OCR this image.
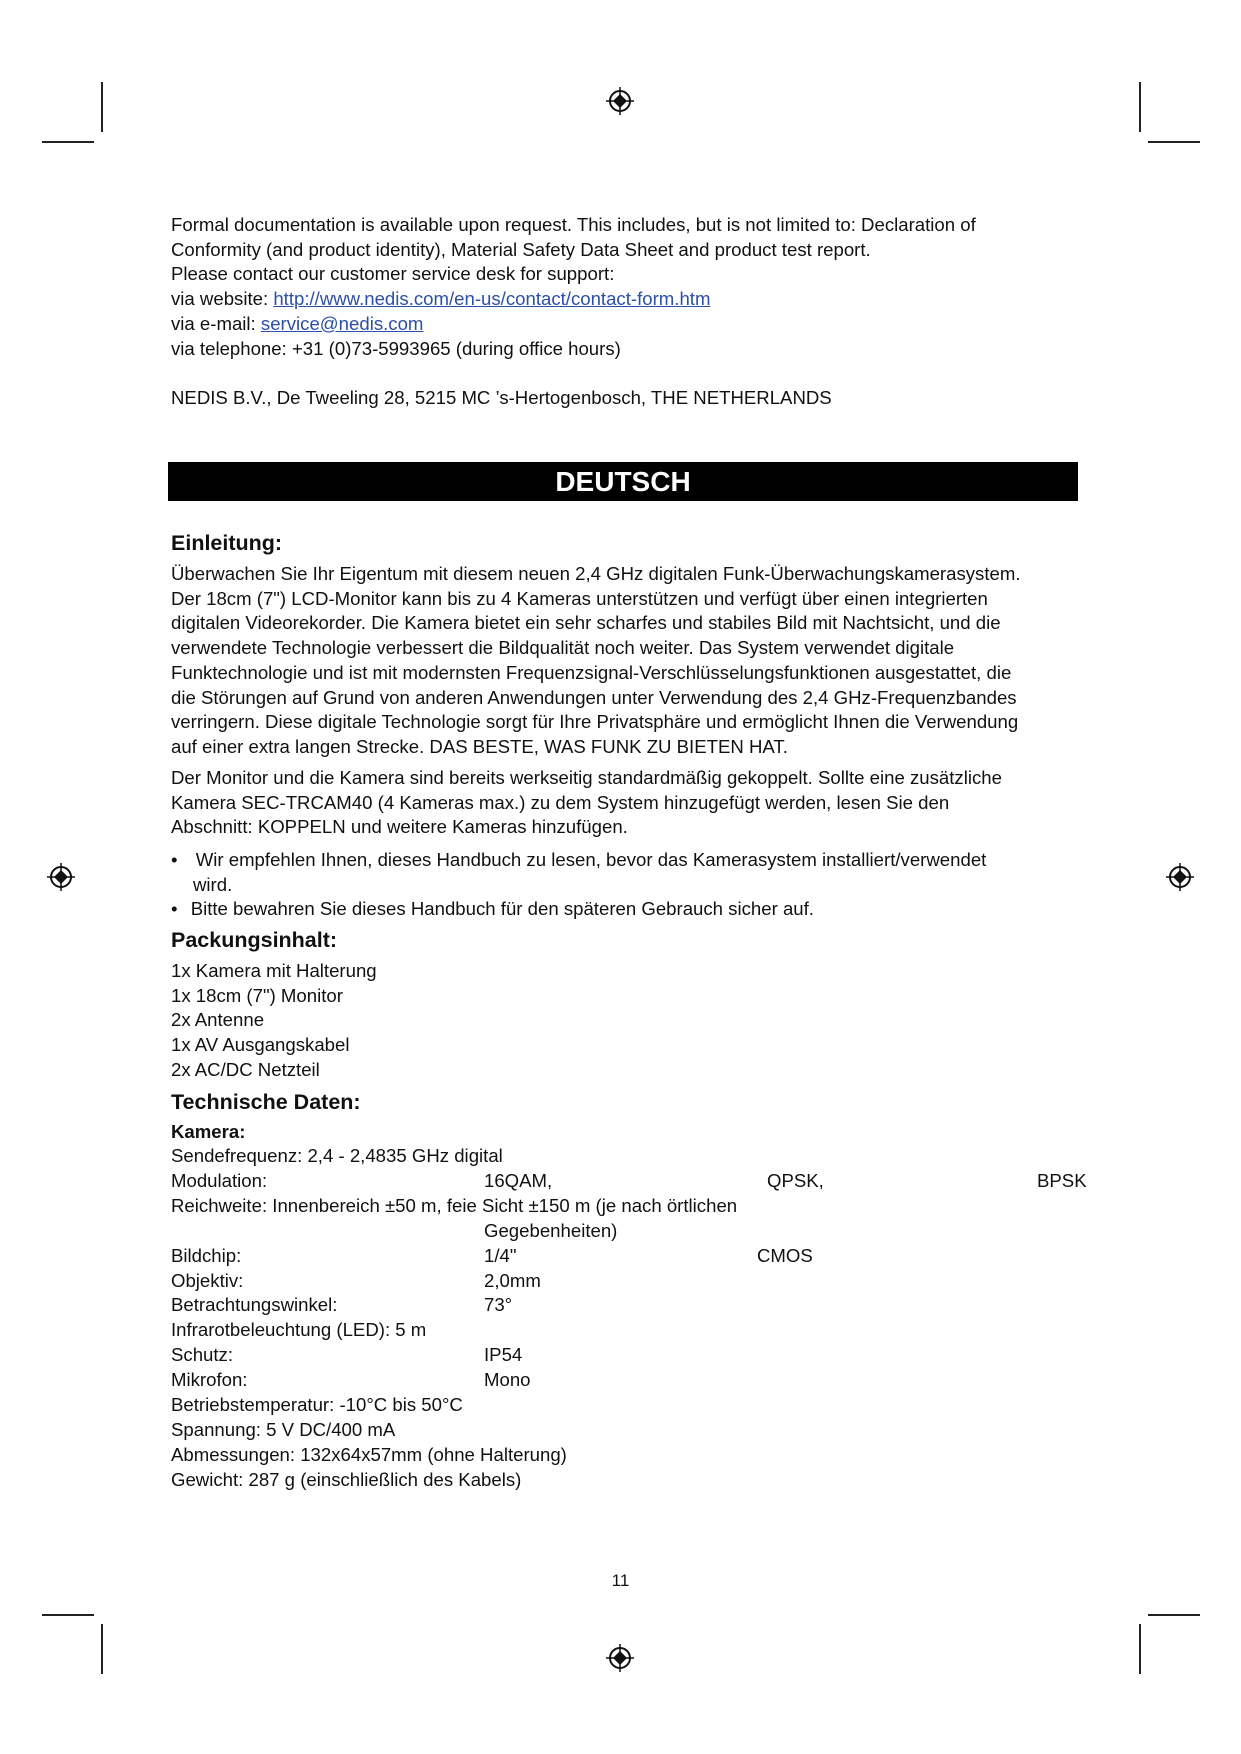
Formal documentation is available upon request. This includes, but is not limited to: Declaration of
Conformity (and product identity), Material Safety Data Sheet and product test report.
Please contact our customer service desk for support:
via website: http://www.nedis.com/en-us/contact/contact-form.htm
via e-mail: service@nedis.com
via telephone: +31 (0)73-5993965 (during office hours)
NEDIS B.V., De Tweeling 28, 5215 MC ’s-Hertogenbosch, THE NETHERLANDS
DEUTSCH
Einleitung:
Überwachen Sie Ihr Eigentum mit diesem neuen 2,4 GHz digitalen Funk-Überwachungskamerasystem.
Der 18cm (7") LCD-Monitor kann bis zu 4 Kameras unterstützen und verfügt über einen integrierten
digitalen Videorekorder. Die Kamera bietet ein sehr scharfes und stabiles Bild mit Nachtsicht, und die
verwendete Technologie verbessert die Bildqualität noch weiter. Das System verwendet digitale
Funktechnologie und ist mit modernsten Frequenzsignal-Verschlüsselungsfunktionen ausgestattet, die
die Störungen auf Grund von anderen Anwendungen unter Verwendung des 2,4 GHz-Frequenzbandes
verringern. Diese digitale Technologie sorgt für Ihre Privatsphäre und ermöglicht Ihnen die Verwendung
auf einer extra langen Strecke. DAS BESTE, WAS FUNK ZU BIETEN HAT.
Der Monitor und die Kamera sind bereits werkseitig standardmäßig gekoppelt. Sollte eine zusätzliche
Kamera SEC-TRCAM40 (4 Kameras max.) zu dem System hinzugefügt werden, lesen Sie den
Abschnitt: KOPPELN und weitere Kameras hinzufügen.
• Wir empfehlen Ihnen, dieses Handbuch zu lesen, bevor das Kamerasystem installiert/verwendet
wird.
• Bitte bewahren Sie dieses Handbuch für den späteren Gebrauch sicher auf.
Packungsinhalt:
1x Kamera mit Halterung
1x 18cm (7") Monitor
2x Antenne
1x AV Ausgangskabel
2x AC/DC Netzteil
Technische Daten:
Kamera:
Sendefrequenz: 2,4 - 2,4835 GHz digital
Modulation:	16QAM,	QPSK,	BPSK
Reichweite: Innenbereich ±50 m, feie Sicht ±150 m (je nach örtlichen
Gegebenheiten)
Bildchip:	1/4"	CMOS
Objektiv:	2,0mm
Betrachtungswinkel:	73°
Infrarotbeleuchtung (LED): 5 m
Schutz:	IP54
Mikrofon:	Mono
Betriebstemperatur: -10°C bis 50°C
Spannung: 5 V DC/400 mA
Abmessungen: 132x64x57mm (ohne Halterung)
Gewicht: 287 g (einschließlich des Kabels)
11
